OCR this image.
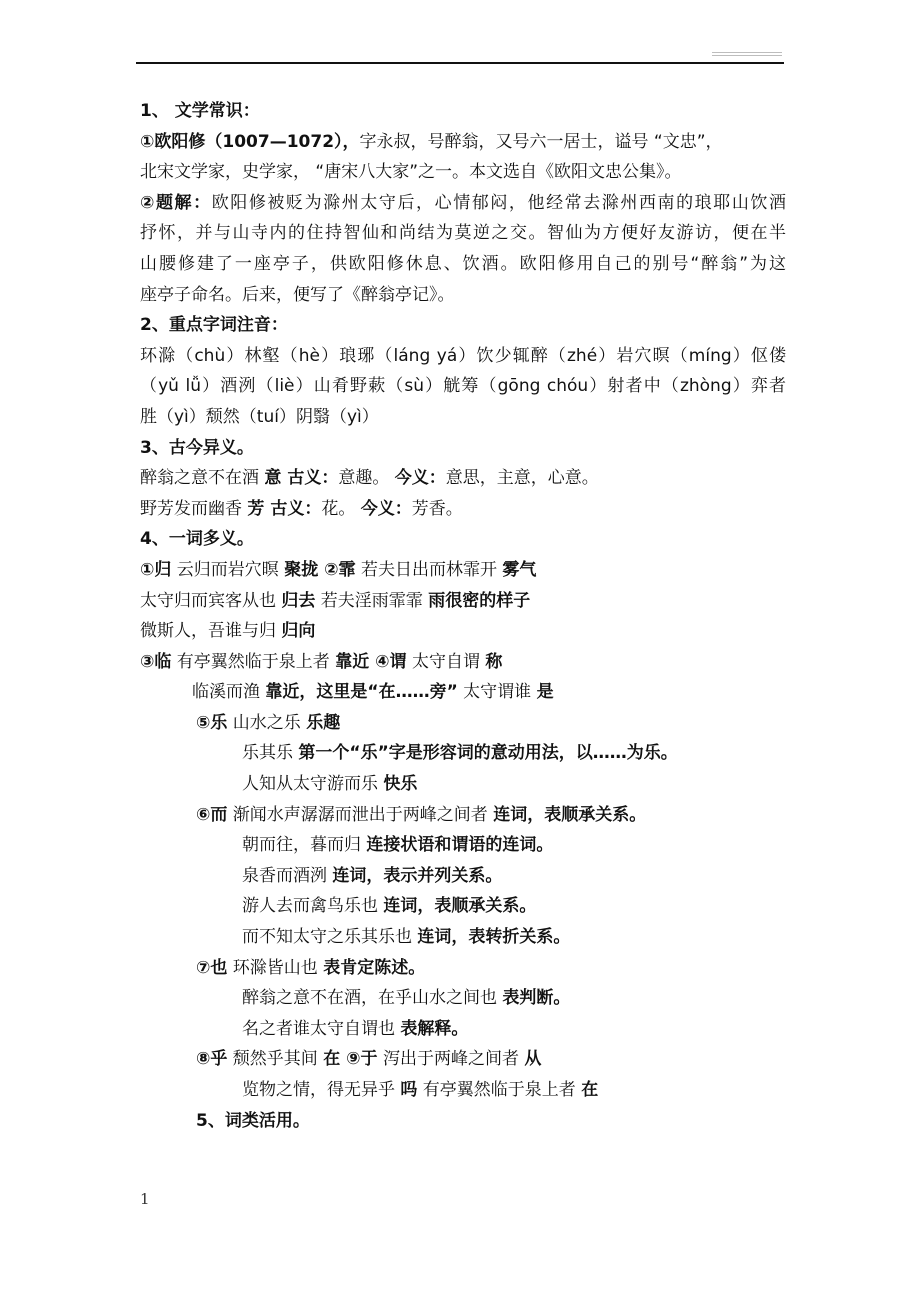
1、 文学常识：
①欧阳修（1007—1072），字永叔，号醉翁，又号六一居士，谥号 “文忠”，
北宋文学家，史学家， “唐宋八大家”之一。本文选自《欧阳文忠公集》。
②题解：欧阳修被贬为滁州太守后，心情郁闷，他经常去滁州西南的琅耶山饮酒
抒怀，并与山寺内的住持智仙和尚结为莫逆之交。智仙为方便好友游访，便在半
山腰修建了一座亭子，供欧阳修休息、饮酒。欧阳修用自己的别号“醉翁”为这
座亭子命名。后来，便写了《醉翁亭记》。
2、重点字词注音：
环滁（chù）林壑（hè）琅琊（láng yá）饮少辄醉（zhé）岩穴暝（míng）伛偻
（yǔ lǚ）酒洌（liè）山肴野蔌（sù）觥筹（gōng chóu）射者中（zhòng）弈者
胜（yì）颓然（tuí）阴翳（yì）
3、古今异义。
醉翁之意不在酒 意 古义：意趣。 今义：意思，主意，心意。
野芳发而幽香 芳 古义：花。 今义：芳香。
4、一词多义。
①归 云归而岩穴暝 聚拢 ②霏 若夫日出而林霏开 雾气
太守归而宾客从也 归去 若夫淫雨霏霏 雨很密的样子
微斯人，吾谁与归 归向
③临 有亭翼然临于泉上者 靠近 ④谓 太守自谓 称
临溪而渔 靠近，这里是“在……旁” 太守谓谁 是
⑤乐 山水之乐 乐趣
乐其乐 第一个“乐”字是形容词的意动用法，以……为乐。
人知从太守游而乐 快乐
⑥而 渐闻水声潺潺而泄出于两峰之间者 连词，表顺承关系。
朝而往，暮而归 连接状语和谓语的连词。
泉香而酒洌 连词，表示并列关系。
游人去而禽鸟乐也 连词，表顺承关系。
而不知太守之乐其乐也 连词，表转折关系。
⑦也 环滁皆山也 表肯定陈述。
醉翁之意不在酒，在乎山水之间也 表判断。
名之者谁太守自谓也 表解释。
⑧乎 颓然乎其间 在 ⑨于 泻出于两峰之间者 从
览物之情，得无异乎 吗 有亭翼然临于泉上者 在
5、词类活用。
1
